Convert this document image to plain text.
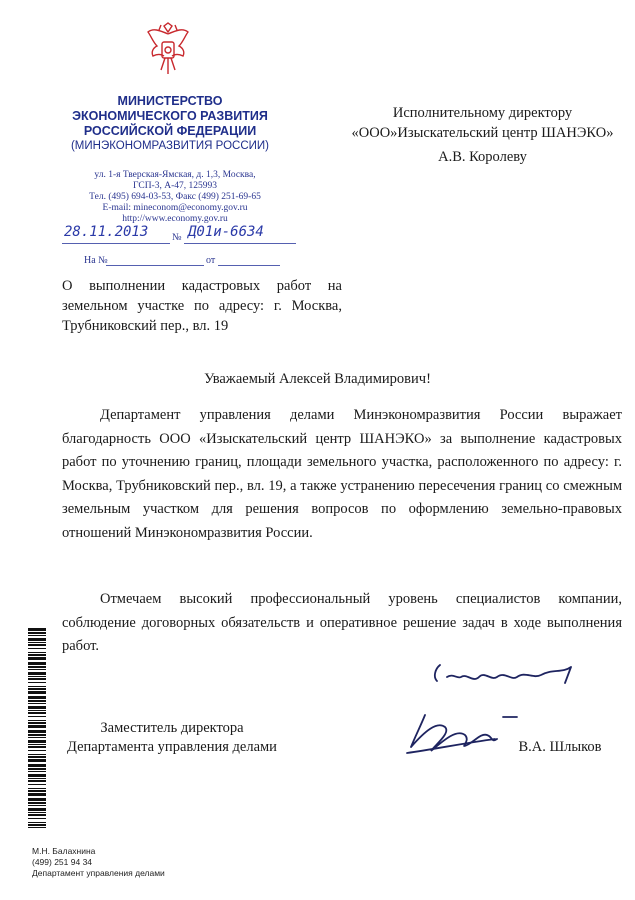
МИНИСТЕРСТВО
ЭКОНОМИЧЕСКОГО РАЗВИТИЯ
РОССИЙСКОЙ ФЕДЕРАЦИИ
(МИНЭКОНОМРАЗВИТИЯ РОССИИ)
ул. 1-я Тверская-Ямская, д. 1,3, Москва,
ГСП-3, А-47, 125993
Тел. (495) 694-03-53, Факс (499) 251-69-65
E-mail: mineconom@economy.gov.ru
http://www.economy.gov.ru
28.11.2013 № Д01и-6634
На №	от
Исполнительному директору
«ООО»Изыскательский центр ШАНЭКО»
А.В. Королеву
О выполнении кадастровых работ на земельном участке по адресу: г. Москва, Трубниковский пер., вл. 19
Уважаемый Алексей Владимирович!
Департамент управления делами Минэкономразвития России выражает благодарность ООО «Изыскательский центр ШАНЭКО» за выполнение кадастровых работ по уточнению границ, площади земельного участка, расположенного по адресу: г. Москва, Трубниковский пер., вл. 19, а также устранению пересечения границ со смежным земельным участком для решения вопросов по оформлению земельно-правовых отношений Минэкономразвития России.
Отмечаем высокий профессиональный уровень специалистов компании, соблюдение договорных обязательств и оперативное решение задач в ходе выполнения работ.
Заместитель директора
Департамента управления делами	В.А. Шлыков
М.Н. Балахнина
(499) 251 94 34
Департамент управления делами
